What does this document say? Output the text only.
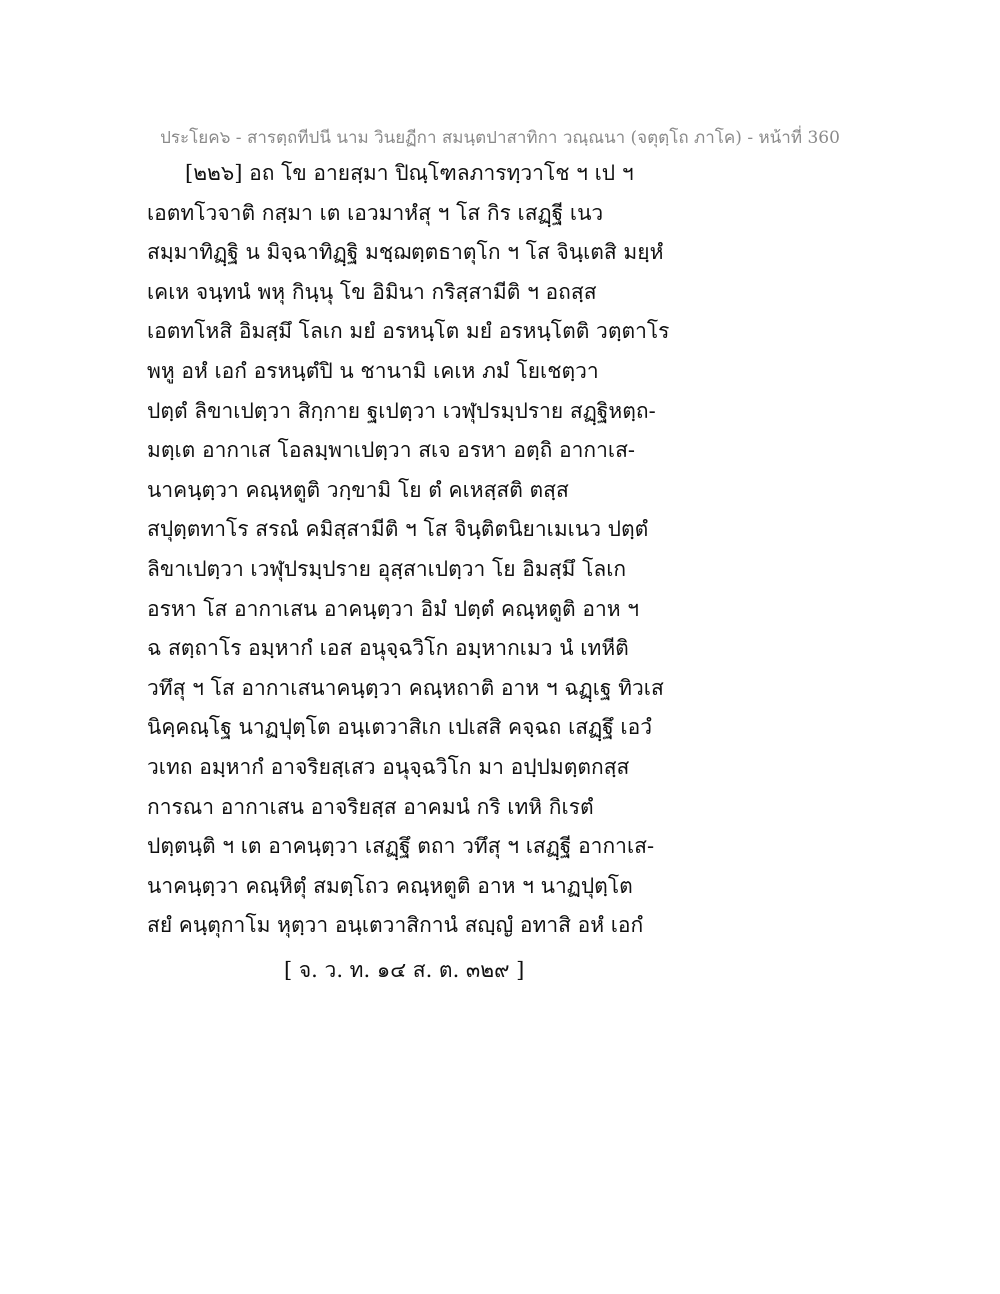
ประโยค๖ - สารตฺถทีปนี นาม วินยฏีกา สมนฺตปาสาทิกา วณฺณนา (จตุตฺโถ ภาโค) - หน้าที่ 360
[๒๒๖] อถ โข อายสฺมา ปิณฺโฑลภารทฺวาโช ฯ เป ฯ
เอตทโวจาติ กสฺมา เต เอวมาหํสุ ฯ โส กิร เสฏฺฐี เนว
สมฺมาทิฏฺฐิ น มิจฺฉาทิฏฺฐิ มชฺฌตฺตธาตุโก ฯ โส จินฺเตสิ มยฺหํ
เคเห จนฺทนํ พหุ กินฺนุ โข อิมินา กริสฺสามีติ ฯ อถสฺส
เอตทโหสิ อิมสฺมึ โลเก มยํ อรหนฺโต มยํ อรหนฺโตติ วตฺตาโร
พหู อหํ เอกํ อรหนฺตํปิ น ชานามิ เคเห ภมํ โยเชตฺวา
ปตฺตํ ลิขาเปตฺวา สิกฺกาย ฐเปตฺวา เวฬุปรมฺปราย สฏฺฐิหตฺถ-
มตฺเต อากาเส โอลมฺพาเปตฺวา สเจ อรหา อตฺถิ อากาเส-
นาคนฺตฺวา คณฺหตูติ วกฺขามิ โย ตํ คเหสฺสติ ตสฺส
สปุตฺตทาโร สรณํ คมิสฺสามีติ ฯ โส จินฺติตนิยาเมเนว ปตฺตํ
ลิขาเปตฺวา เวฬุปรมฺปราย อุสฺสาเปตฺวา โย อิมสฺมึ โลเก
อรหา โส อากาเสน อาคนฺตฺวา อิมํ ปตฺตํ คณฺหตูติ อาห ฯ
ฉ สตฺถาโร อมฺหากํ เอส อนุจฺฉวิโก อมฺหากเมว นํ เทหีติ
วทึสุ ฯ โส อากาเสนาคนฺตฺวา คณฺหถาติ อาห ฯ ฉฏฺเฐ ทิวเส
นิคฺคณฺโฐ นาฏปุตฺโต อนฺเตวาสิเก เปเสสิ คจฺฉถ เสฏฺฐึ เอวํ
วเทถ อมฺหากํ อาจริยสฺเสว อนุจฺฉวิโก มา อปฺปมตฺตกสฺส
การณา อากาเสน อาจริยสฺส อาคมนํ กริ เทหิ กิเรตํ
ปตฺตนฺติ ฯ เต อาคนฺตฺวา เสฏฺฐึ ตถา วทึสุ ฯ เสฏฺฐี อากาเส-
นาคนฺตฺวา คณฺหิตุํ สมตฺโถว คณฺหตูติ อาห ฯ นาฏปุตฺโต
สยํ คนฺตุกาโม หุตฺวา อนฺเตวาสิกานํ สญฺญํ อทาสิ อหํ เอกํ
[ จ. ว. ท. ๑๔ ส. ต. ๓๒๙ ]
